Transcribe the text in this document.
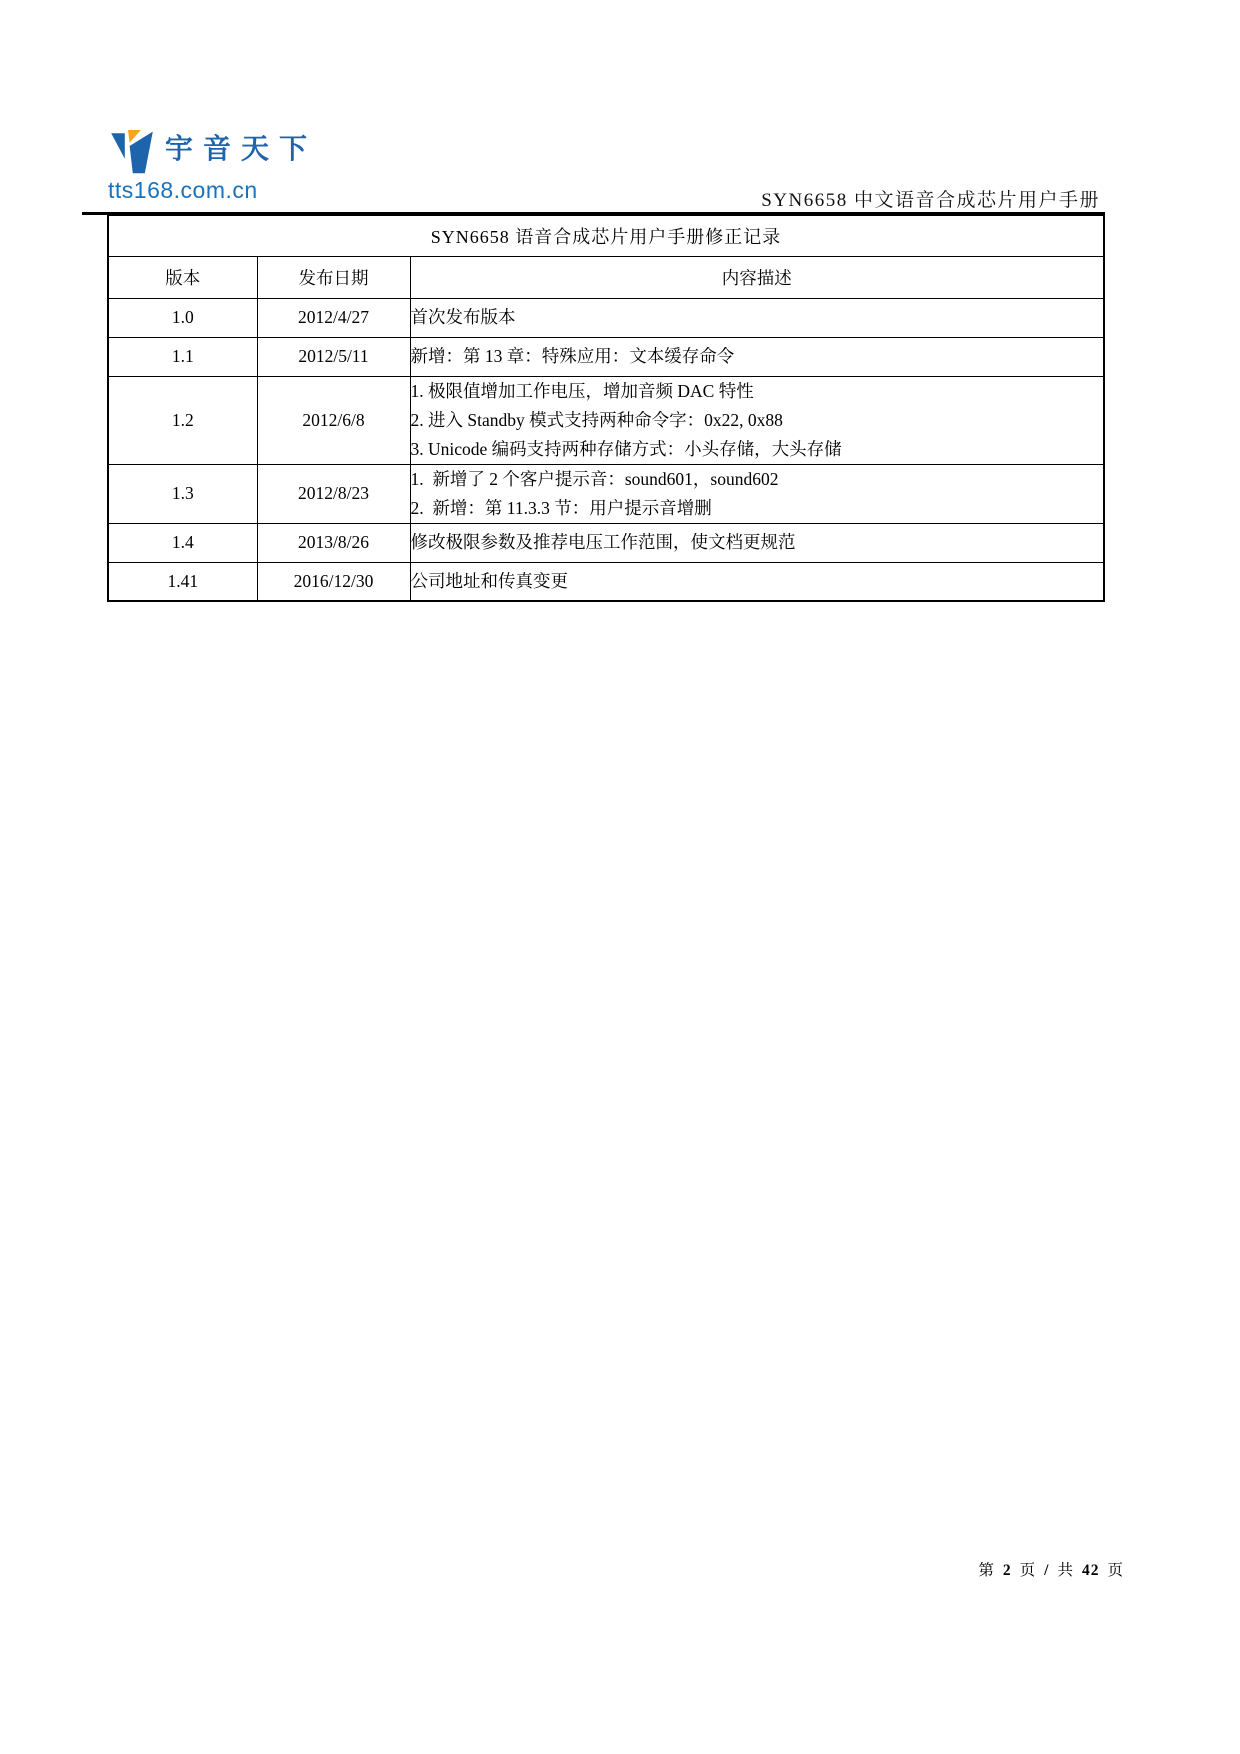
宇音天下
tts168.com.cn	SYN6658 中文语音合成芯片用户手册
SYN6658 语音合成芯片用户手册修正记录		
版本	发布日期	内容描述
1.0	2012/4/27	首次发布版本

1.1	2012/5/11	新增：第 13 章：特殊应用：文本缓存命令

1.2	2012/6/8	1. 极限值增加工作电压，增加音频 DAC 特性
2. 进入 Standby 模式支持两种命令字：0x22, 0x88
3. Unicode 编码支持两种存储方式：小头存储，大头存储

1.3	2012/8/23	1.  新增了 2 个客户提示音：sound601，sound602
2.  新增：第 11.3.3 节：用户提示音增删

1.4	2013/8/26	修改极限参数及推荐电压工作范围，使文档更规范

1.41	2016/12/30	公司地址和传真变更
第 2 页 / 共 42 页
